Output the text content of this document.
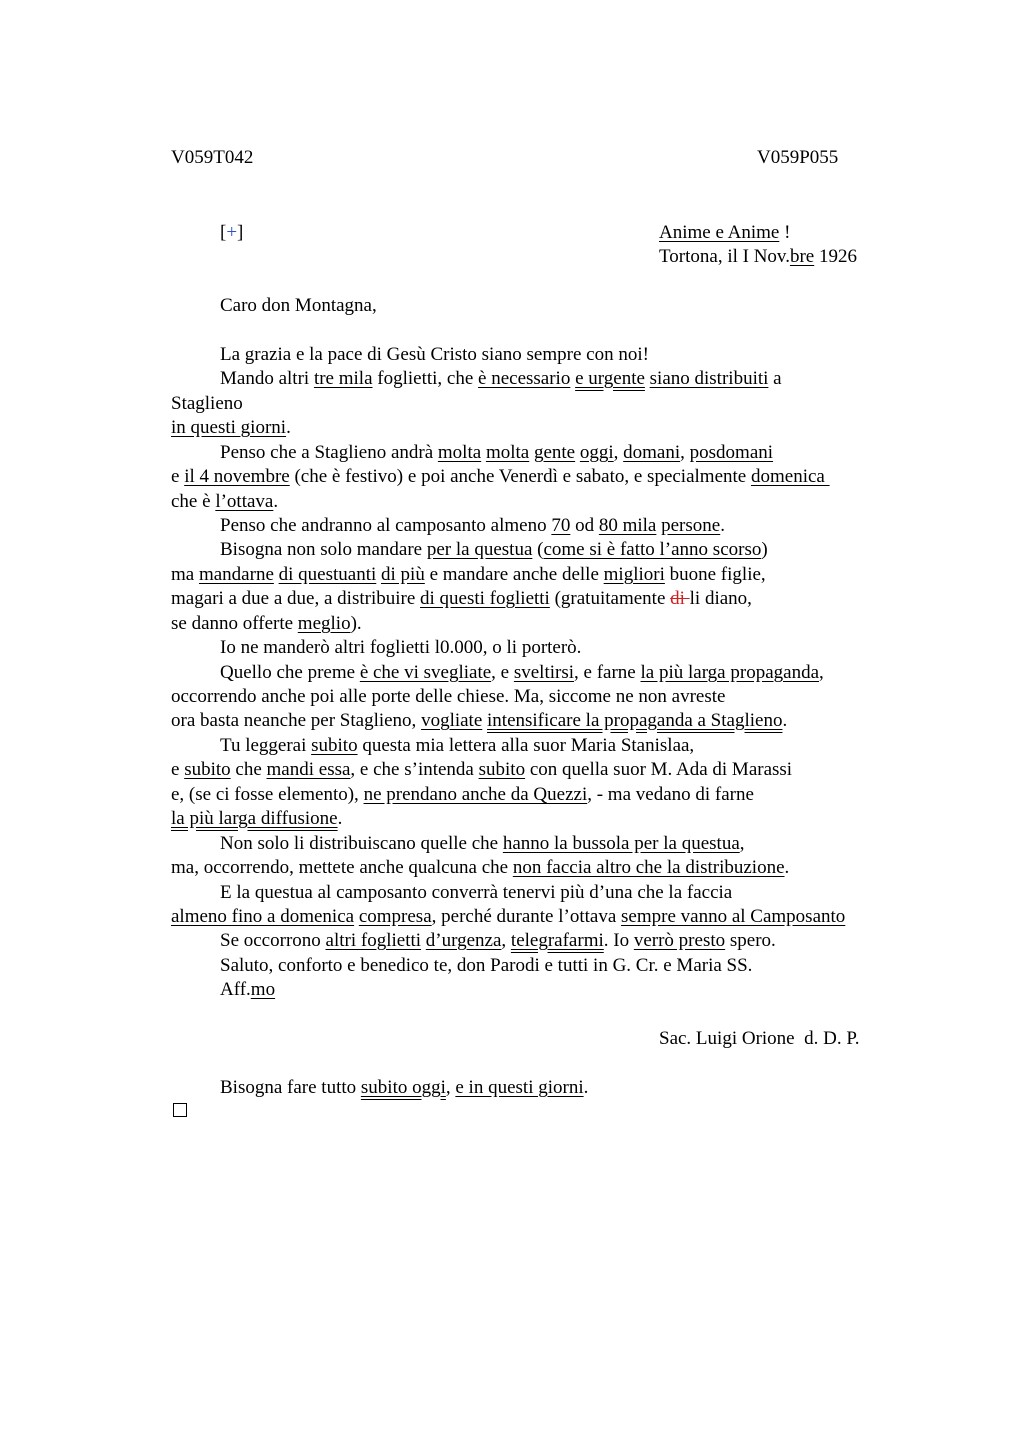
V059T042	V059P055
[+]	Anime e Anime !
Tortona, il I Nov.bre 1926
Caro don Montagna,
La grazia e la pace di Gesù Cristo siano sempre con noi!
Mando altri tre mila foglietti, che è necessario e urgente siano distribuiti a
Staglieno
in questi giorni.
Penso che a Staglieno andrà molta molta gente oggi, domani, posdomani
e il 4 novembre (che è festivo) e poi anche Venerdì e sabato, e specialmente domenica
che è l’ottava.
Penso che andranno al camposanto almeno 70 od 80 mila persone.
Bisogna non solo mandare per la questua (come si è fatto l’anno scorso)
ma mandarne di questuanti di più e mandare anche delle migliori buone figlie,
magari a due a due, a distribuire di questi foglietti (gratuitamente di li diano,
se danno offerte meglio).
Io ne manderò altri foglietti l0.000, o li porterò.
Quello che preme è che vi svegliate, e sveltirsi, e farne la più larga propaganda,
occorrendo anche poi alle porte delle chiese. Ma, siccome ne non avreste
ora basta neanche per Staglieno, vogliate intensificare la propaganda a Staglieno.
Tu leggerai subito questa mia lettera alla suor Maria Stanislaa,
e subito che mandi essa, e che s’intenda subito con quella suor M. Ada di Marassi
e, (se ci fosse elemento), ne prendano anche da Quezzi, - ma vedano di farne
la più larga diffusione.
Non solo li distribuiscano quelle che hanno la bussola per la questua,
ma, occorrendo, mettete anche qualcuna che non faccia altro che la distribuzione.
E la questua al camposanto converrà tenervi più d’una che la faccia
almeno fino a domenica compresa, perché durante l’ottava sempre vanno al Camposanto
Se occorrono altri foglietti d’urgenza, telegrafarmi. Io verrò presto spero.
Saluto, conforto e benedico te, don Parodi e tutti in G. Cr. e Maria SS.
Aff.mo
Sac. Luigi Orione  d. D. P.
Bisogna fare tutto subito oggi, e in questi giorni.
